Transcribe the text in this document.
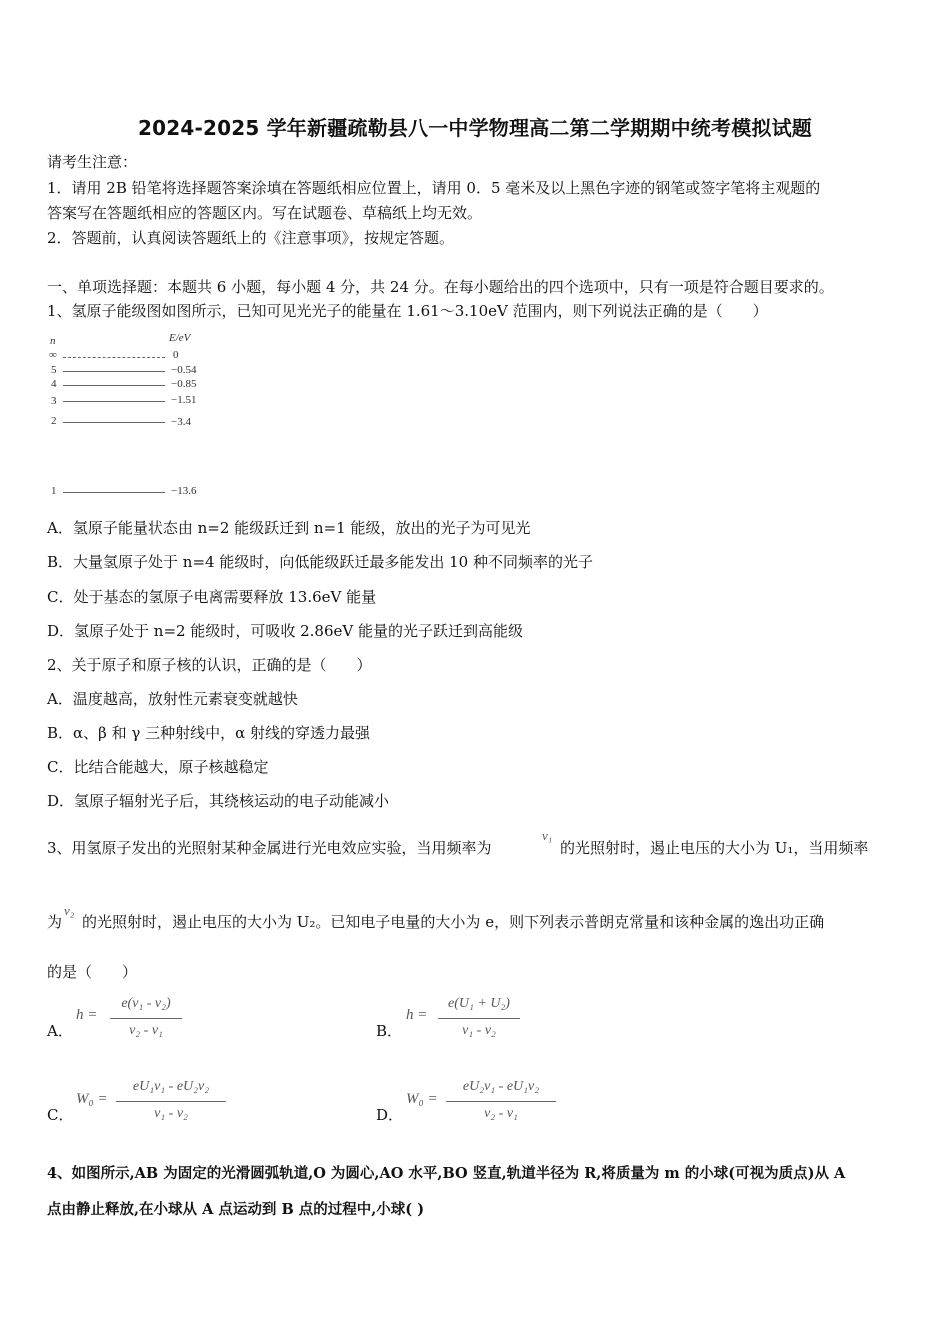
2024-2025 学年新疆疏勒县八一中学物理高二第二学期期中统考模拟试题
请考生注意：
1．请用 2B 铅笔将选择题答案涂填在答题纸相应位置上，请用 0．5 毫米及以上黑色字迹的钢笔或签字笔将主观题的
答案写在答题纸相应的答题区内。写在试题卷、草稿纸上均无效。
2．答题前，认真阅读答题纸上的《注意事项》，按规定答题。
一、单项选择题：本题共 6 小题，每小题 4 分，共 24 分。在每小题给出的四个选项中，只有一项是符合题目要求的。
1、氢原子能级图如图所示，已知可见光光子的能量在 1.61～3.10eV 范围内，则下列说法正确的是（　　）
n	E/eV
∞	0
5	−0.54
4	−0.85
3	−1.51
2	−3.4
1	−13.6
A．氢原子能量状态由 n=2 能级跃迁到 n=1 能级，放出的光子为可见光
B．大量氢原子处于 n=4 能级时，向低能级跃迁最多能发出 10 种不同频率的光子
C．处于基态的氢原子电离需要释放 13.6eV 能量
D．氢原子处于 n=2 能级时，可吸收 2.86eV 能量的光子跃迁到高能级
2、关于原子和原子核的认识，正确的是（　　）
A．温度越高，放射性元素衰变就越快
B．α、β 和 γ 三种射线中，α 射线的穿透力最强
C．比结合能越大，原子核越稳定
D．氢原子辐射光子后，其绕核运动的电子动能减小
3、用氢原子发出的光照射某种金属进行光电效应实验，当用频率为
ν₁
的光照射时，遏止电压的大小为 U₁，当用频率
为
ν₂
的光照射时，遏止电压的大小为 U₂。已知电子电量的大小为 e，则下列表示普朗克常量和该种金属的逸出功正确
的是（　　）
A．
h =
e(ν₁ - ν₂)
ν₂ - ν₁	B．
h =
e(U₁ + U₂)
ν₁ - ν₂
C．
W₀ =
eU₁ν₁ - eU₂ν₂
ν₁ - ν₂	D．
W₀ =
eU₂ν₁ - eU₁ν₂
ν₂ - ν₁
4、如图所示,AB 为固定的光滑圆弧轨道,O 为圆心,AO 水平,BO 竖直,轨道半径为 R,将质量为 m 的小球(可视为质点)从 A
点由静止释放,在小球从 A 点运动到 B 点的过程中,小球( )
